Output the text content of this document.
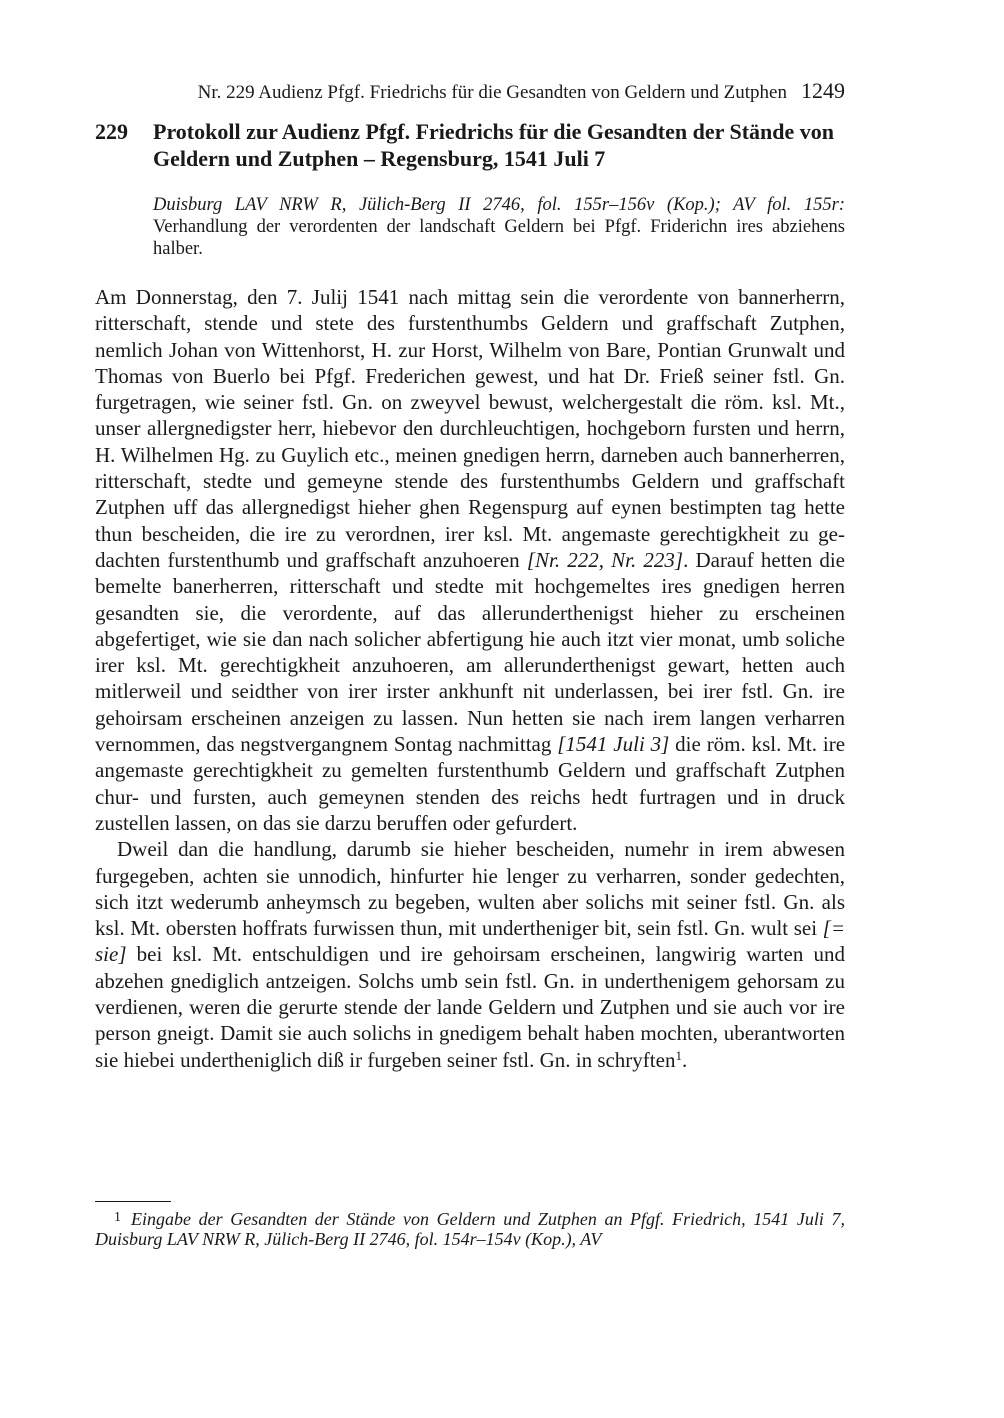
Nr. 229 Audienz Pfgf. Friedrichs für die Gesandten von Geldern und Zutphen 1249
229	Protokoll zur Audienz Pfgf. Friedrichs für die Gesandten der Stände von Geldern und Zutphen – Regensburg, 1541 Juli 7
Duisburg LAV NRW R, Jülich-Berg II 2746, fol. 155r–156v (Kop.); AV fol. 155r: Verhandlung der verordenten der landschaft Geldern bei Pfgf. Friderichn ires abziehens halber.

Am Donnerstag, den 7. Julij 1541 nach mittag sein die verordente von bannerherrn, ritterschaft, stende und stete des furstenthumbs Geldern und graffschaft Zutphen, nemlich Johan von Wittenhorst, H. zur Horst, Wilhelm von Bare, Pontian Grunwalt und Thomas von Buerlo bei Pfgf. Frederichen gewest, und hat Dr. Frieß seiner fstl. Gn. furgetragen, wie seiner fstl. Gn. on zweyvel bewust, welchergestalt die röm. ksl. Mt., unser allergnedigster herr, hiebevor den durchleuchtigen, hochgeborn fursten und herrn, H. Wilhelmen Hg. zu Guylich etc., meinen gnedigen herrn, darneben auch bannerherren, ritterschaft, stedte und gemeyne stende des furstenthumbs Geldern und graffschaft Zutphen uff das allergnedigst hieher ghen Regenspurg auf eynen bestimpten tag hette thun bescheiden, die ire zu verordnen, irer ksl. Mt. angemaste gerechtigkheit zu gedachten furstenthumb und graffschaft anzuhoeren [Nr. 222, Nr. 223]. Darauf hetten die bemelte banerherren, ritterschaft und stedte mit hochgemeltes ires gnedigen herren gesandten sie, die verordente, auf das allerunderthenigst hieher zu erscheinen abgefertiget, wie sie dan nach solicher abfertigung hie auch itzt vier monat, umb soliche irer ksl. Mt. gerechtigkheit anzuhoeren, am allerunderthenigst gewart, hetten auch mitlerweil und seidther von irer irster ankhunft nit underlassen, bei irer fstl. Gn. ire gehoirsam erscheinen anzeigen zu lassen. Nun hetten sie nach irem langen verharren vernommen, das negstvergangnem Sontag nachmittag [1541 Juli 3] die röm. ksl. Mt. ire angemaste gerechtigkheit zu gemelten furstenthumb Geldern und graffschaft Zutphen chur- und fursten, auch gemeynen stenden des reichs hedt furtragen und in druck zustellen lassen, on das sie darzu beruffen oder gefurdert.

Dweil dan die handlung, darumb sie hieher bescheiden, numehr in irem abwesen furgegeben, achten sie unnodich, hinfurter hie lenger zu verharren, sonder gedechten, sich itzt wederumb anheymsch zu begeben, wulten aber solichs mit seiner fstl. Gn. als ksl. Mt. obersten hoffrats furwissen thun, mit undertheniger bit, sein fstl. Gn. wult sei [= sie] bei ksl. Mt. entschuldigen und ire gehoirsam erscheinen, langwirig warten und abzehen gnediglich antzeigen. Solchs umb sein fstl. Gn. in underthenigem gehorsam zu verdienen, weren die gerurte stende der lande Geldern und Zutphen und sie auch vor ire person gneigt. Damit sie auch solichs in gnedigem behalt haben mochten, uberantworten sie hiebei undertheniglich diß ir furgeben seiner fstl. Gn. in schryften$^1$.

1 Eingabe der Gesandten der Stände von Geldern und Zutphen an Pfgf. Friedrich, 1541 Juli 7, Duisburg LAV NRW R, Jülich-Berg II 2746, fol. 154r–154v (Kop.), AV
